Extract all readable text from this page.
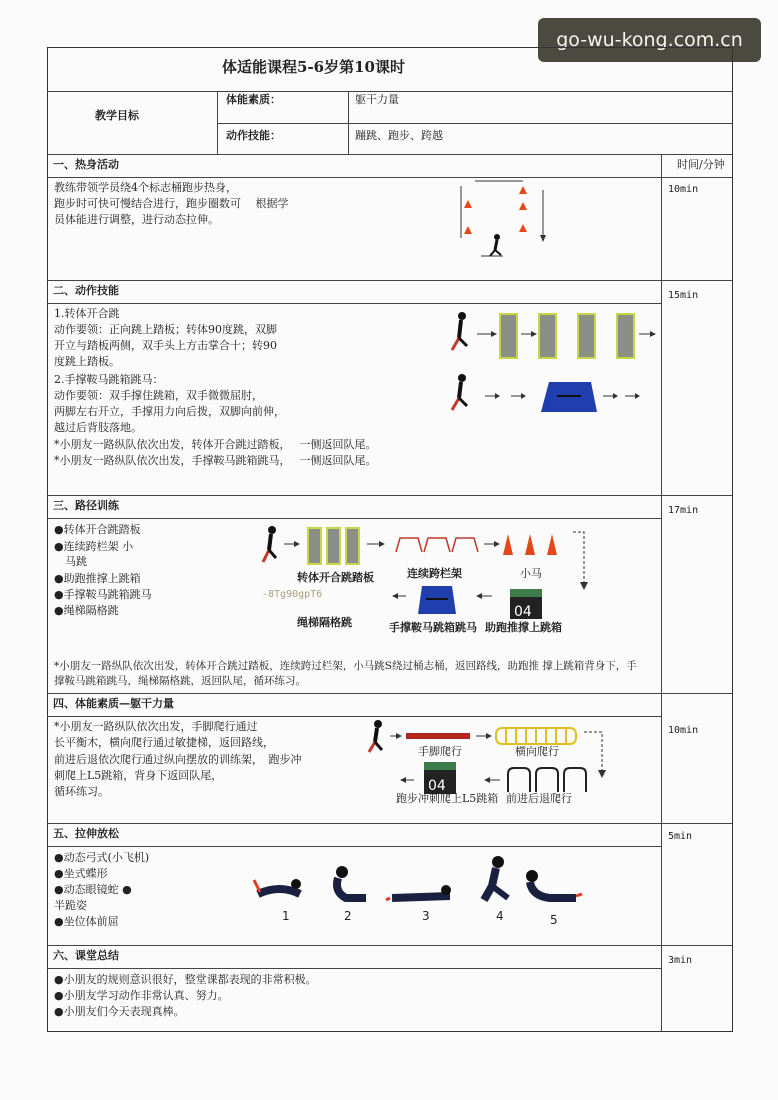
go-wu-kong.com.cn
体适能课程5-6岁第10课时
教学目标
体能素质：	躯干力量
动作技能：	蹦跳、跑步、跨越
时间/分钟
一、热身活动
教练带领学员绕4个标志桶跑步热身，
跑步时可快可慢结合进行，跑步圈数可　 根据学
员体能进行调整，进行动态拉伸。
10min
二、动作技能	15min
1.转体开合跳
动作要领：正向跳上踏板；转体90度跳，双脚
开立与踏板两侧，双手头上方击掌合十；转90
度跳上踏板。
2.手撑鞍马跳箱跳马：
动作要领：双手撑住跳箱，双手微微屈肘，
两脚左右开立，手撑用力向后拨，双脚向前伸，
越过后背肢落地。
*小朋友一路纵队依次出发，转体开合跳过踏板，　 一侧返回队尾。
*小朋友一路纵队依次出发，手撑鞍马跳箱跳马，　 一侧返回队尾。
三、路径训练	17min
●转体开合跳踏板
●连续跨栏架 小
　马跳
●助跑推撑上跳箱
●手撑鞍马跳箱跳马
●绳梯隔格跳	04
转体开合跳踏板	连续跨栏架	小马
-8Tg90gpT6
绳梯隔格跳	手撑鞍马跳箱跳马 助跑推撑上跳箱
*小朋友一路纵队依次出发，转体开合跳过踏板，连续跨过栏架，小马跳S绕过桶志桶，返回路线，助跑推 撑上跳箱背身下，手
撑鞍马跳箱跳马，绳梯隔格跳，返回队尾，循环练习。
四、体能素质—躯干力量
10min
*小朋友一路纵队依次出发，手脚爬行通过
长平衡木，横向爬行通过敏捷梯，返回路线，
前进后退依次爬行通过纵向摆放的训练架，　跑步冲
刺爬上L5跳箱，背身下返回队尾，
循环练习。	04
手脚爬行	横向爬行
跑步冲刺爬上L5跳箱 前进后退爬行
五、拉伸放松	5min
●动态弓式(小飞机)
●坐式蝶形
●动态眼镜蛇 ●
半跪姿
●坐位体前屈	1	2	3	4	5
六、课堂总结	3min
●小朋友的规则意识很好，整堂课都表现的非常积极。
●小朋友学习动作非常认真、努力。
●小朋友们今天表现真棒。
